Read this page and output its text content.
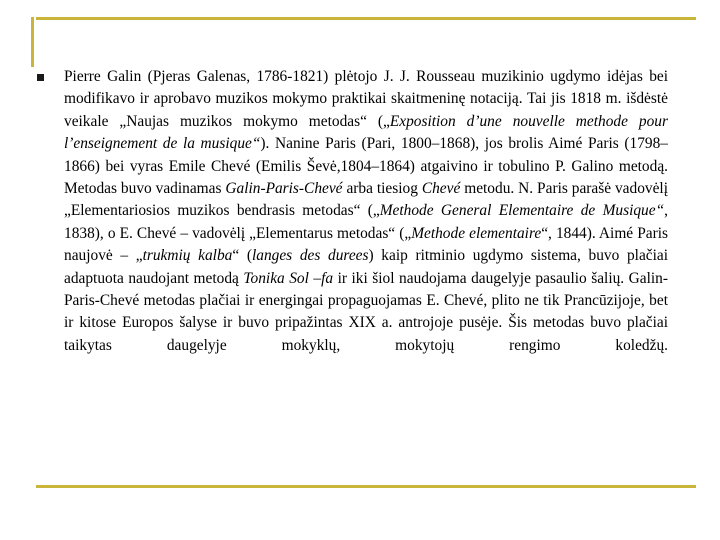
Pierre Galin (Pjeras Galenas, 1786-1821) plėtojo J. J. Rousseau muzikinio ugdymo idėjas bei modifikavo ir aprobavo muzikos mokymo praktikai skaitmeninę notaciją. Tai jis 1818 m. išdėstė veikale „Naujas muzikos mokymo metodas“ („Exposition d’une nouvelle methode pour l’enseignement de la musique“). Nanine Paris (Pari, 1800–1868), jos brolis Aimé Paris (1798–1866) bei vyras Emile Chevé (Emilis Ševė,1804–1864) atgaivino ir tobulino P. Galino metodą. Metodas buvo vadinamas Galin-Paris-Chevé arba tiesiog Chevé metodu. N. Paris parašė vadovėlį „Elementariosios muzikos bendrasis metodas“ („Methode General Elementaire de Musique“, 1838), o E. Chevé – vadovėlį „Elementarus metodas“ („Methode elementaire“, 1844). Aimé Paris naujovė – „trukmių kalba“ (langes des durees) kaip ritminio ugdymo sistema, buvo plačiai adaptuota naudojant metodą Tonika Sol –fa ir iki šiol naudojama daugelyje pasaulio šalių. Galin-Paris-Chevé metodas plačiai ir energingai propaguojamas E. Chevé, plito ne tik Prancūzijoje, bet ir kitose Europos šalyse ir buvo pripažintas XIX a. antrojoje pusėje. Šis metodas buvo plačiai taikytas daugelyje mokyklų, mokytojų rengimo koledžų.
